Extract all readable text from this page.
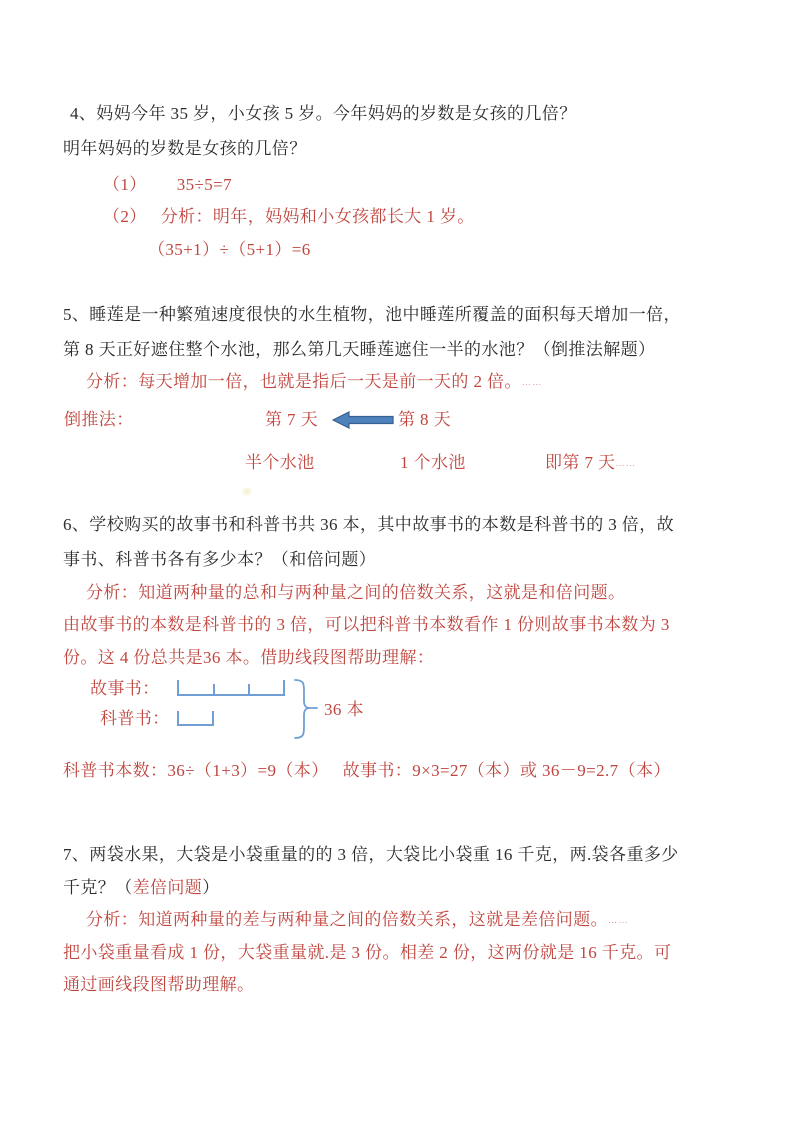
4、妈妈今年 35 岁，小女孩 5 岁。今年妈妈的岁数是女孩的几倍？
明年妈妈的岁数是女孩的几倍？
（1） 35÷5=7
（2） 分析：明年，妈妈和小女孩都长大 1 岁。
（35+1）÷（5+1）=6
5、睡莲是一种繁殖速度很快的水生植物，池中睡莲所覆盖的面积每天增加一倍，
第 8 天正好遮住整个水池，那么第几天睡莲遮住一半的水池？（倒推法解题）
分析：每天增加一倍，也就是指后一天是前一天的 2 倍。……
倒推法：	第 7 天	第 8 天
半个水池	1 个水池	即第 7 天……
6、学校购买的故事书和科普书共 36 本，其中故事书的本数是科普书的 3 倍，故
事书、科普书各有多少本？（和倍问题）
分析：知道两种量的总和与两种量之间的倍数关系，这就是和倍问题。
由故事书的本数是科普书的 3 倍，可以把科普书本数看作 1 份则故事书本数为 3
份。这 4 份总共是36 本。借助线段图帮助理解：
故事书：
科普书：	36 本
科普书本数：36÷（1+3）=9（本） 故事书：9×3=27（本）或 36－9=2.7（本）
7、两袋水果，大袋是小袋重量的的 3 倍，大袋比小袋重 16 千克，两.袋各重多少
千克？（差倍问题）
分析：知道两种量的差与两种量之间的倍数关系，这就是差倍问题。……
把小袋重量看成 1 份，大袋重量就.是 3 份。相差 2 份，这两份就是 16 千克。可
通过画线段图帮助理解。
